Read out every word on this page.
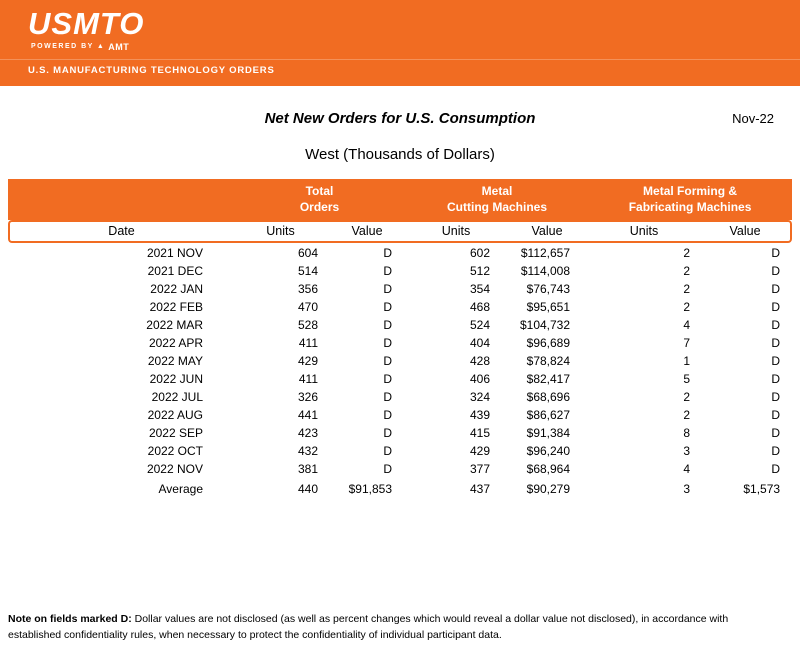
USMTO
POWERED BY ▲ AMT
U.S. MANUFACTURING TECHNOLOGY ORDERS
Net New Orders for U.S. Consumption	Nov-22
West (Thousands of Dollars)

Total
Orders

Metal
Cutting Machines

Metal Forming &
Fabricating Machines

Date	Units	Value	Units	Value	Units	Value
2021 NOV	604	D	602	$112,657	2	D
2021 DEC	514	D	512	$114,008	2	D
2022 JAN	356	D	354	$76,743	2	D
2022 FEB	470	D	468	$95,651	2	D
2022 MAR	528	D	524	$104,732	4	D
2022 APR	411	D	404	$96,689	7	D
2022 MAY	429	D	428	$78,824	1	D
2022 JUN	411	D	406	$82,417	5	D
2022 JUL	326	D	324	$68,696	2	D
2022 AUG	441	D	439	$86,627	2	D
2022 SEP	423	D	415	$91,384	8	D
2022 OCT	432	D	429	$96,240	3	D
2022 NOV	381	D	377	$68,964	4	D
Average	440	$91,853	437	$90,279	3	$1,573
Note on fields marked D: Dollar values are not disclosed (as well as percent changes which would reveal a dollar value not disclosed), in accordance with established confidentiality rules, when necessary to protect the confidentiality of individual participant data.
